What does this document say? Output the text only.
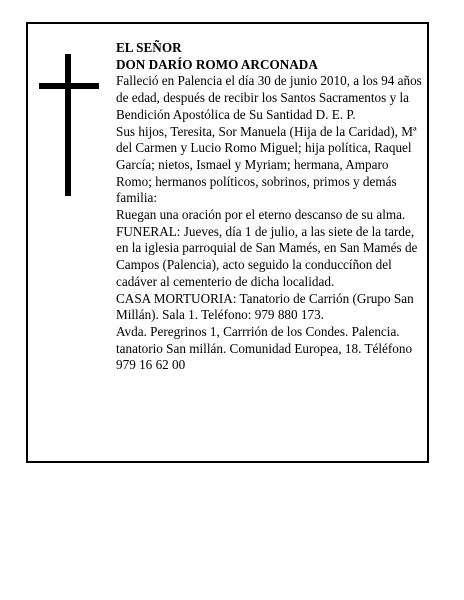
EL SEÑOR

DON DARÍO ROMO ARCONADA

Falleció en Palencia el día 30 de junio 2010, a los 94 años de edad, después de recibir los Santos Sacramentos y la Bendición Apostólica de Su Santidad D. E. P.

Sus hijos, Teresita, Sor Manuela (Hija de la Caridad), Mª del Carmen y Lucio Romo Miguel; hija política, Raquel García; nietos, Ismael y Myriam; hermana, Amparo Romo; hermanos políticos, sobrinos, primos y demás familia:

Ruegan una oración por el eterno descanso de su alma.

FUNERAL: Jueves, día 1 de julio, a las siete de la tarde, en la iglesia parroquial de San Mamés, en San Mamés de Campos (Palencia), acto seguido la conduccíñon del cadáver al cementerio de dicha localidad.

CASA MORTUORIA: Tanatorio de Carrión (Grupo San Millán). Sala 1. Teléfono: 979 880 173.

Avda. Peregrinos 1, Carrrión de los Condes. Palencia.

tanatorio San millán. Comunidad Europea, 18. Téléfono 979 16 62 00
